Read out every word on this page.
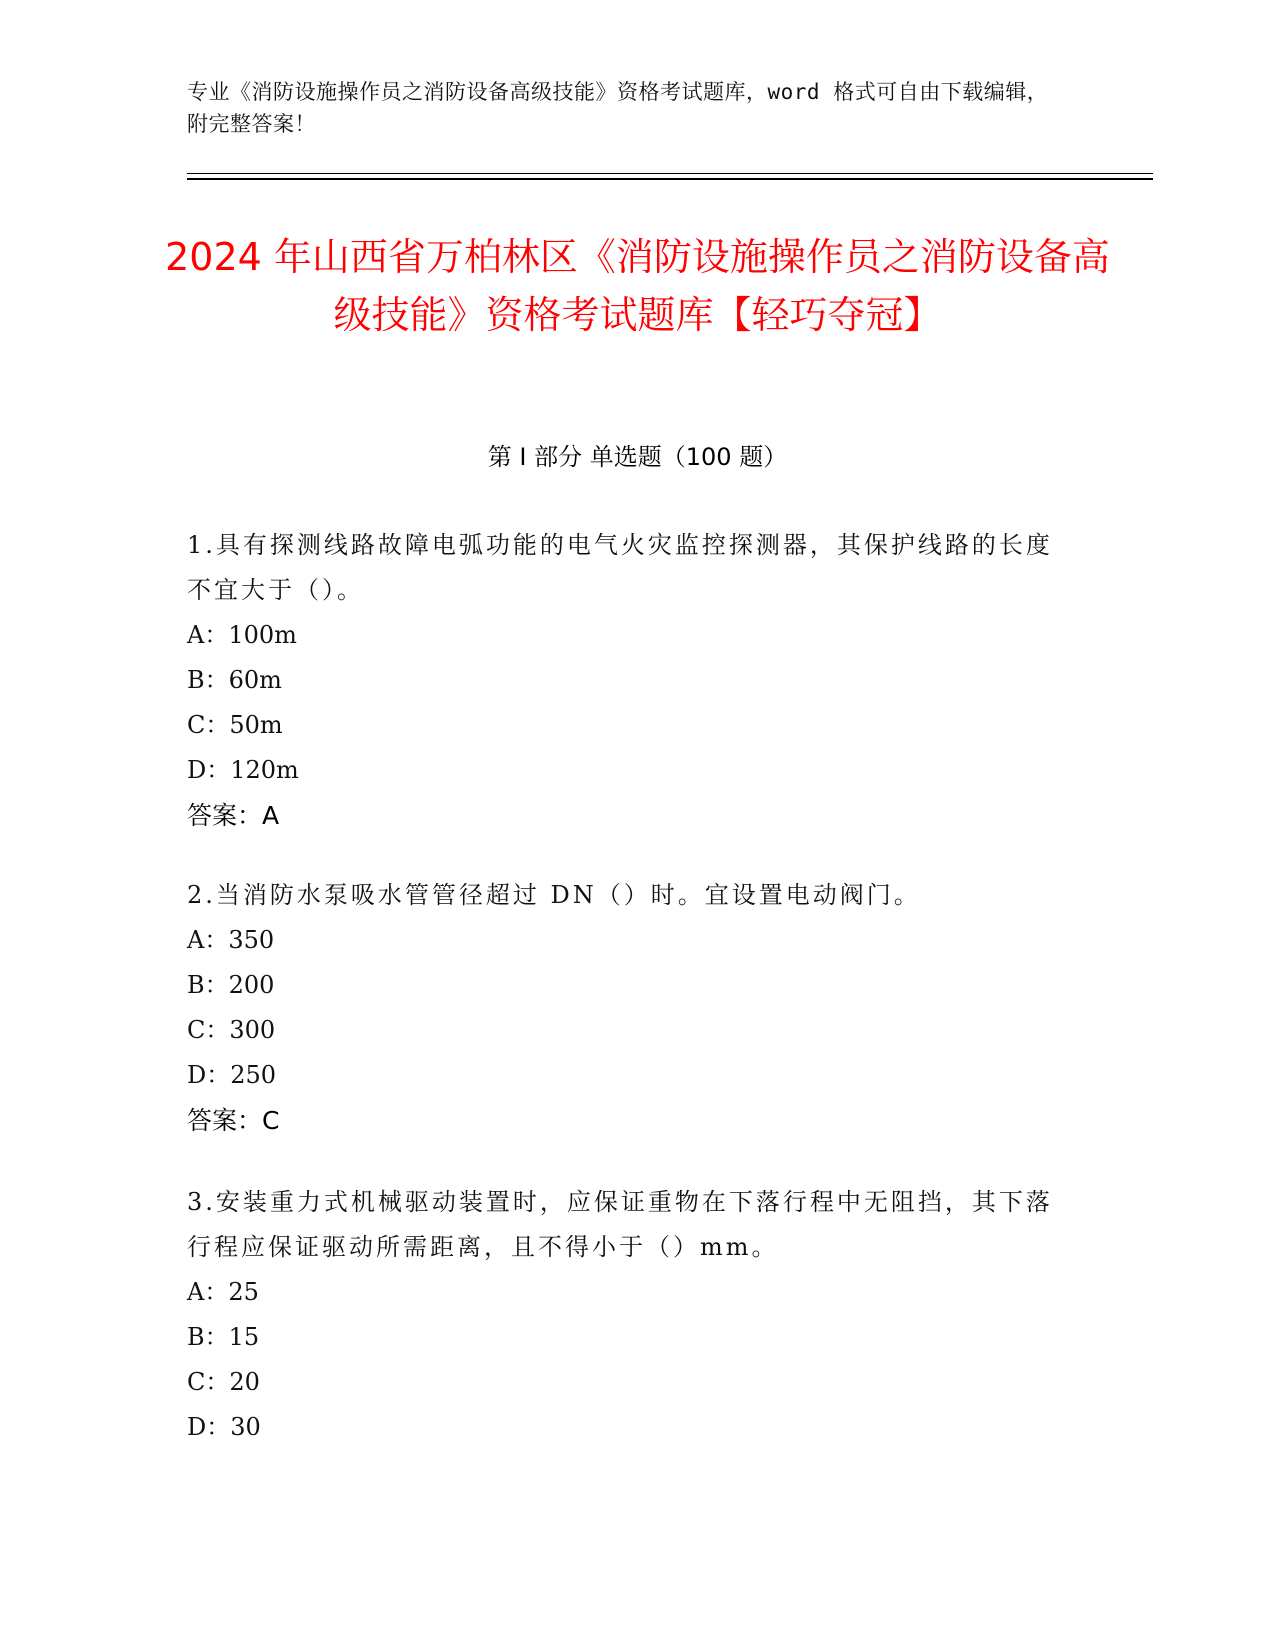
专业《消防设施操作员之消防设备高级技能》资格考试题库，word 格式可自由下载编辑，附完整答案！
2024 年山西省万柏林区《消防设施操作员之消防设备高级技能》资格考试题库【轻巧夺冠】
第 I 部分 单选题（100 题）

1.具有探测线路故障电弧功能的电气火灾监控探测器，其保护线路的长度不宜大于（）。

A：100m
B：60m
C：50m
D：120m
答案：A

2.当消防水泵吸水管管径超过 DN（）时。宜设置电动阀门。

A：350
B：200
C：300
D：250
答案：C

3.安装重力式机械驱动装置时，应保证重物在下落行程中无阻挡，其下落行程应保证驱动所需距离，且不得小于（）mm。

A：25
B：15
C：20
D：30
